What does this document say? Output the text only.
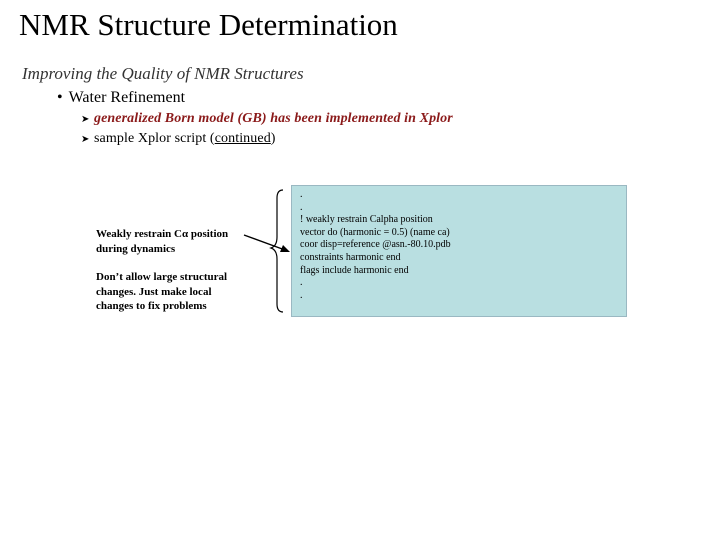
NMR Structure Determination
Improving the Quality of NMR Structures
• Water Refinement
➤ generalized Born model (GB) has been implemented in Xplor
➤ sample Xplor script (continued)
Weakly restrain Cα position
during dynamics
Don’t allow large structural
changes. Just make local
changes to fix problems
.
.
! weakly restrain Calpha position
vector do (harmonic = 0.5) (name ca)
coor disp=reference @asn.-80.10.pdb
constraints harmonic end
flags include harmonic end
.
.
